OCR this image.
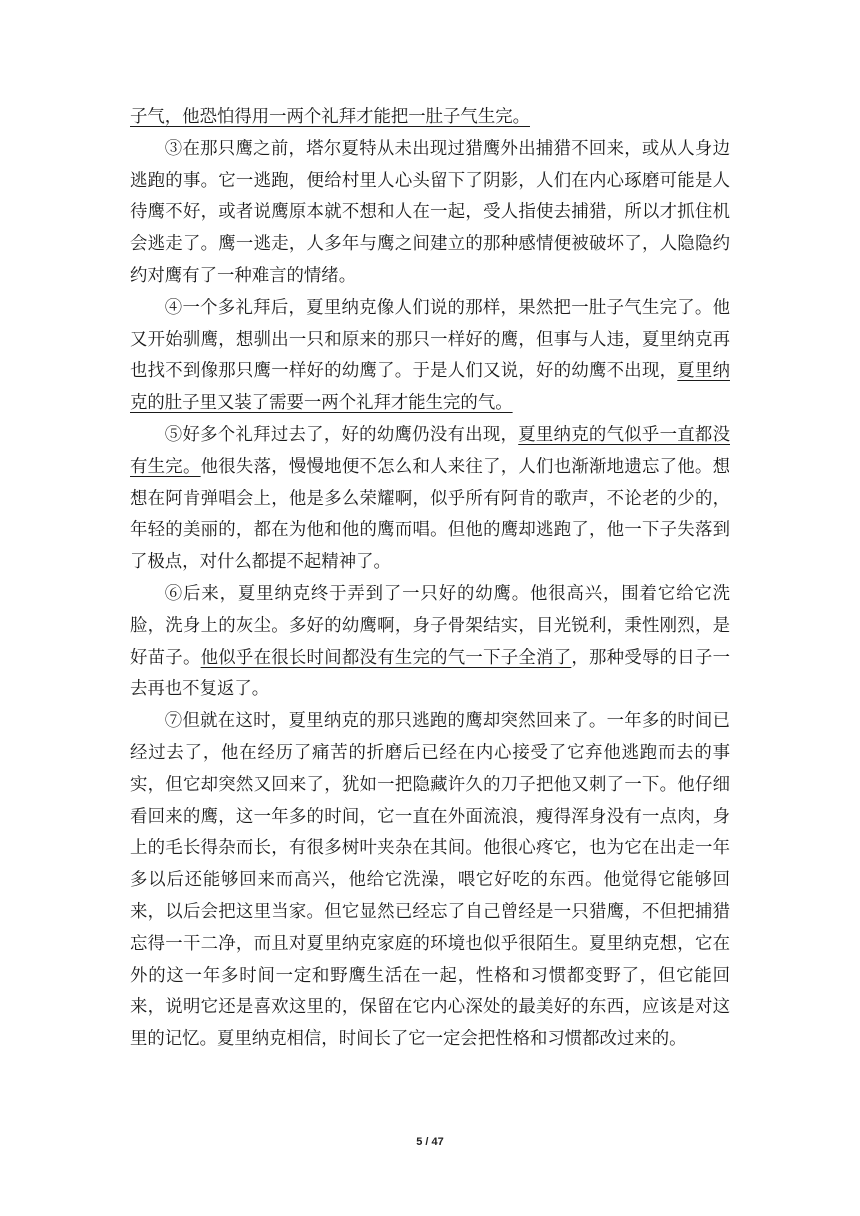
子气，他恐怕得用一两个礼拜才能把一肚子气生完。

③在那只鹰之前，塔尔夏特从未出现过猎鹰外出捕猎不回来，或从人身边逃跑的事。它一逃跑，便给村里人心头留下了阴影，人们在内心琢磨可能是人待鹰不好，或者说鹰原本就不想和人在一起，受人指使去捕猎，所以才抓住机会逃走了。鹰一逃走，人多年与鹰之间建立的那种感情便被破坏了，人隐隐约约对鹰有了一种难言的情绪。

④一个多礼拜后，夏里纳克像人们说的那样，果然把一肚子气生完了。他又开始驯鹰，想驯出一只和原来的那只一样好的鹰，但事与人违，夏里纳克再也找不到像那只鹰一样好的幼鹰了。于是人们又说，好的幼鹰不出现，夏里纳克的肚子里又装了需要一两个礼拜才能生完的气。

⑤好多个礼拜过去了，好的幼鹰仍没有出现，夏里纳克的气似乎一直都没有生完。他很失落，慢慢地便不怎么和人来往了，人们也渐渐地遗忘了他。想想在阿肯弹唱会上，他是多么荣耀啊，似乎所有阿肯的歌声，不论老的少的，年轻的美丽的，都在为他和他的鹰而唱。但他的鹰却逃跑了，他一下子失落到了极点，对什么都提不起精神了。

⑥后来，夏里纳克终于弄到了一只好的幼鹰。他很高兴，围着它给它洗脸，洗身上的灰尘。多好的幼鹰啊，身子骨架结实，目光锐利，秉性刚烈，是好苗子。他似乎在很长时间都没有生完的气一下子全消了，那种受辱的日子一去再也不复返了。

⑦但就在这时，夏里纳克的那只逃跑的鹰却突然回来了。一年多的时间已经过去了，他在经历了痛苦的折磨后已经在内心接受了它弃他逃跑而去的事实，但它却突然又回来了，犹如一把隐藏许久的刀子把他又刺了一下。他仔细看回来的鹰，这一年多的时间，它一直在外面流浪，瘦得浑身没有一点肉，身上的毛长得杂而长，有很多树叶夹杂在其间。他很心疼它，也为它在出走一年多以后还能够回来而高兴，他给它洗澡，喂它好吃的东西。他觉得它能够回来，以后会把这里当家。但它显然已经忘了自己曾经是一只猎鹰，不但把捕猎忘得一干二净，而且对夏里纳克家庭的环境也似乎很陌生。夏里纳克想，它在外的这一年多时间一定和野鹰生活在一起，性格和习惯都变野了，但它能回来，说明它还是喜欢这里的，保留在它内心深处的最美好的东西，应该是对这里的记忆。夏里纳克相信，时间长了它一定会把性格和习惯都改过来的。

5 / 47
